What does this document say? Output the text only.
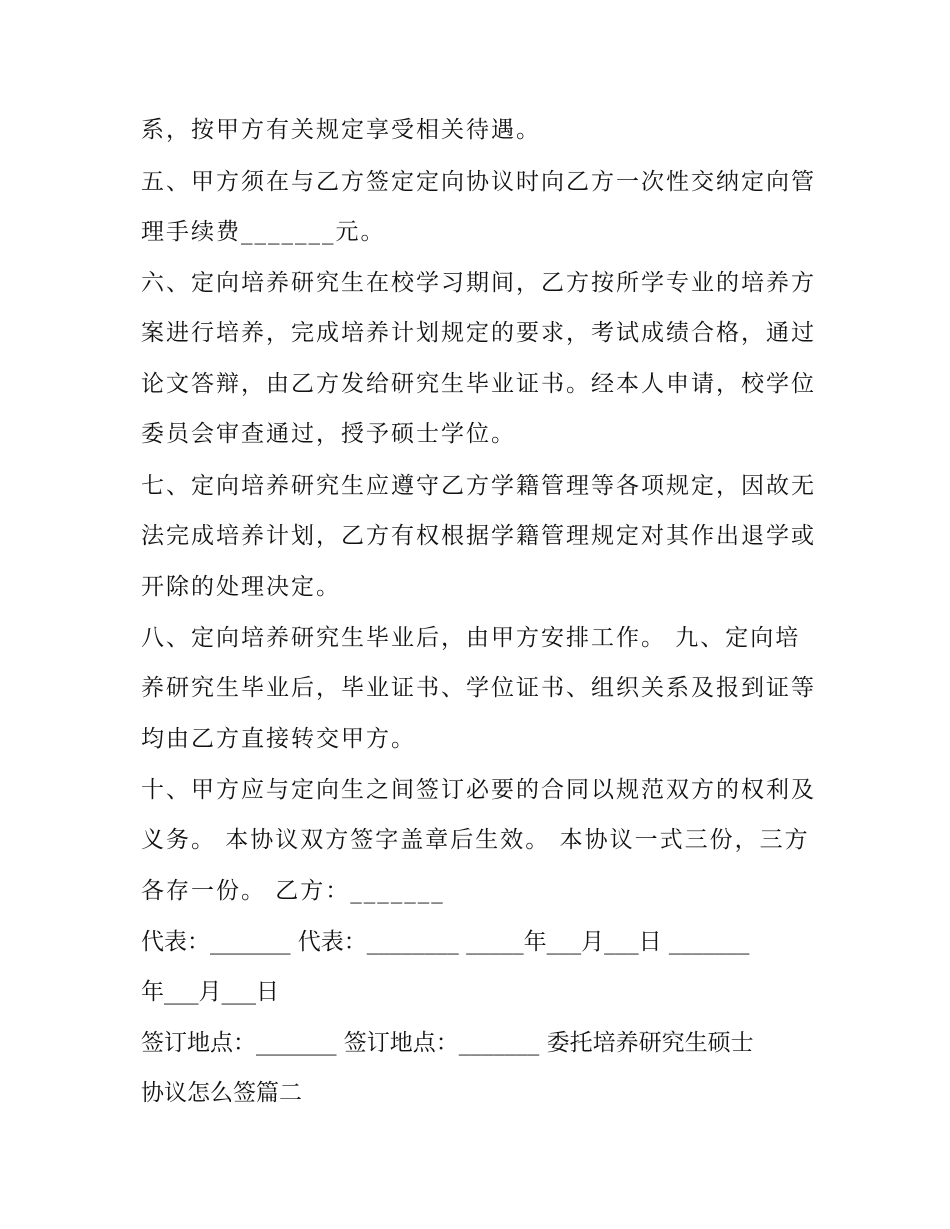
系，按甲方有关规定享受相关待遇。
五、甲方须在与乙方签定定向协议时向乙方一次性交纳定向管
理手续费_______元。
六、定向培养研究生在校学习期间，乙方按所学专业的培养方
案进行培养，完成培养计划规定的要求，考试成绩合格，通过
论文答辩，由乙方发给研究生毕业证书。经本人申请，校学位
委员会审查通过，授予硕士学位。
七、定向培养研究生应遵守乙方学籍管理等各项规定，因故无
法完成培养计划，乙方有权根据学籍管理规定对其作出退学或
开除的处理决定。
八、定向培养研究生毕业后，由甲方安排工作。 九、定向培
养研究生毕业后，毕业证书、学位证书、组织关系及报到证等
均由乙方直接转交甲方。
十、甲方应与定向生之间签订必要的合同以规范双方的权利及
义务。 本协议双方签字盖章后生效。 本协议一式三份，三方
各存一份。 乙方：_______
代表：_______ 代表：________ _____年___月___日 _______
年___月___日
签订地点：_______ 签订地点：_______ 委托培养研究生硕士
协议怎么签篇二
